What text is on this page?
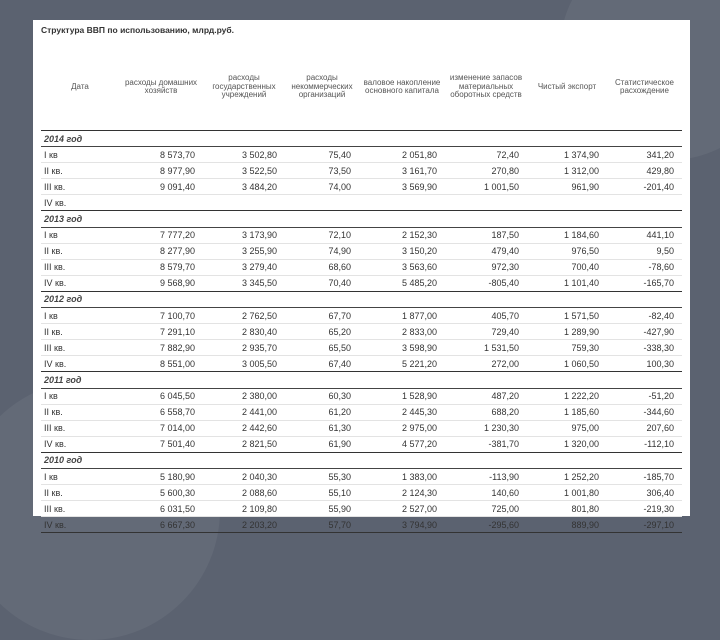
Структура ВВП по использованию, млрд.руб.
Дата	расходы домашних хозяйств	расходы государственных учреждений	расходы некоммерческих организаций	валовое накопление основного капитала	изменение запасов материальных оборотных средств	Чистый экспорт	Статистическое расхождение
2014 год							
I кв	8 573,70	3 502,80	75,40	2 051,80	72,40	1 374,90	341,20
II кв.	8 977,90	3 522,50	73,50	3 161,70	270,80	1 312,00	429,80
III кв.	9 091,40	3 484,20	74,00	3 569,90	1 001,50	961,90	-201,40
IV кв.							
2013 год							
I кв	7 777,20	3 173,90	72,10	2 152,30	187,50	1 184,60	441,10
II кв.	8 277,90	3 255,90	74,90	3 150,20	479,40	976,50	9,50
III кв.	8 579,70	3 279,40	68,60	3 563,60	972,30	700,40	-78,60
IV кв.	9 568,90	3 345,50	70,40	5 485,20	-805,40	1 101,40	-165,70
2012 год							
I кв	7 100,70	2 762,50	67,70	1 877,00	405,70	1 571,50	-82,40
II кв.	7 291,10	2 830,40	65,20	2 833,00	729,40	1 289,90	-427,90
III кв.	7 882,90	2 935,70	65,50	3 598,90	1 531,50	759,30	-338,30
IV кв.	8 551,00	3 005,50	67,40	5 221,20	272,00	1 060,50	100,30
2011 год							
I кв	6 045,50	2 380,00	60,30	1 528,90	487,20	1 222,20	-51,20
II кв.	6 558,70	2 441,00	61,20	2 445,30	688,20	1 185,60	-344,60
III кв.	7 014,00	2 442,60	61,30	2 975,00	1 230,30	975,00	207,60
IV кв.	7 501,40	2 821,50	61,90	4 577,20	-381,70	1 320,00	-112,10
2010 год							
I кв	5 180,90	2 040,30	55,30	1 383,00	-113,90	1 252,20	-185,70
II кв.	5 600,30	2 088,60	55,10	2 124,30	140,60	1 001,80	306,40
III кв.	6 031,50	2 109,80	55,90	2 527,00	725,00	801,80	-219,30
IV кв.	6 667,30	2 203,20	57,70	3 794,90	-295,60	889,90	-297,10
